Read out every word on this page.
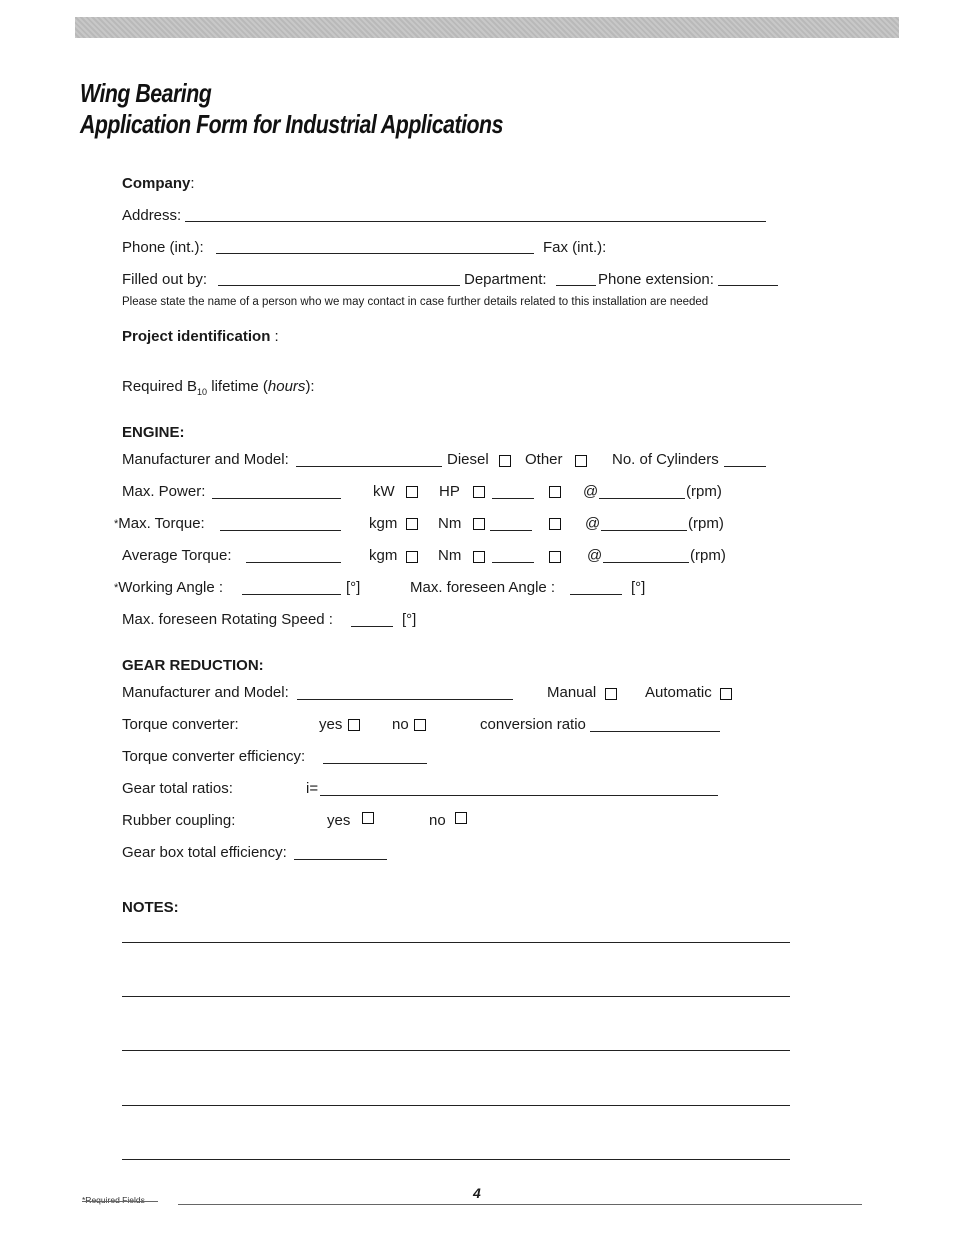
Wing Bearing
Application Form for Industrial Applications
Company:
Address:
Phone (int.):	Fax (int.):
Filled out by:	Department:	Phone extension:
Please state the name of a person who we may contact in case further details related to this installation are needed
Project identification :
Required $B_{10}$ lifetime (hours):
ENGINE:
Manufacturer and Model:	Diesel Other	No. of Cylinders
Max. Power:	kW	HP	@	(rpm)
*Max. Torque:	kgm	Nm	@	(rpm)
Average Torque:	kgm	Nm	@	(rpm)
*Working Angle :	[°]	Max. foreseen Angle :	[°]
Max. foreseen Rotating Speed :	[°]
GEAR REDUCTION:
Manufacturer and Model:	Manual	Automatic
Torque converter:	yes	no	conversion ratio
Torque converter efficiency:
Gear total ratios:	i=
Rubber coupling:	yes	no
Gear box total efficiency:
NOTES:
*Required Fields	4
